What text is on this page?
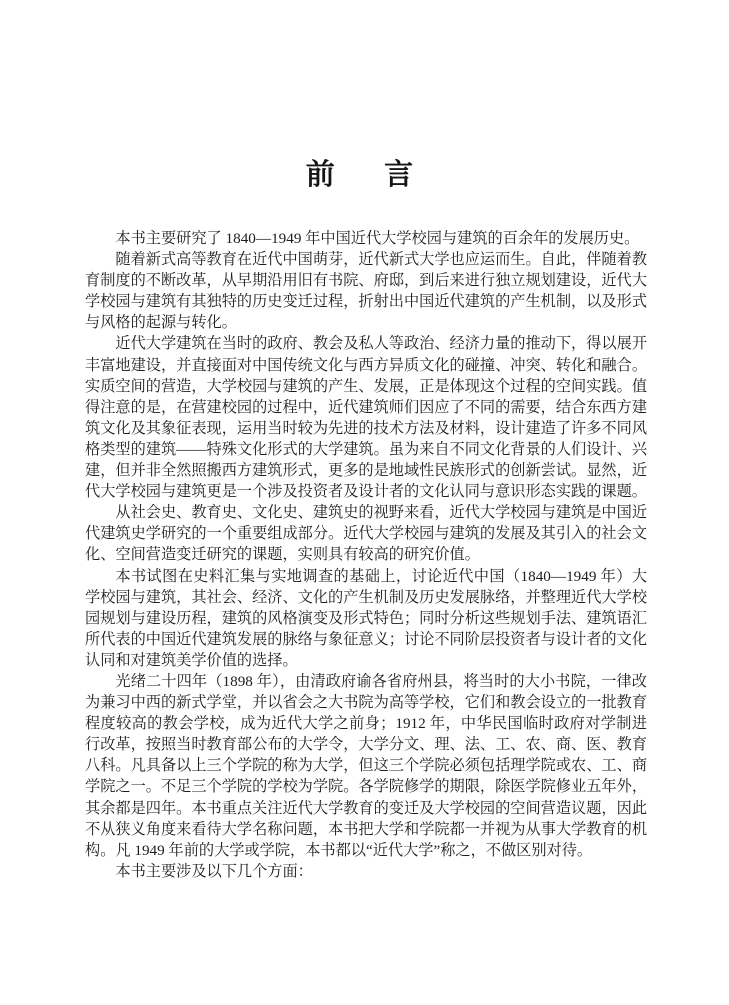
前　言

本书主要研究了 1840—1949 年中国近代大学校园与建筑的百余年的发展历史。

随着新式高等教育在近代中国萌芽，近代新式大学也应运而生。自此，伴随着教育制度的不断改革，从早期沿用旧有书院、府邸，到后来进行独立规划建设，近代大学校园与建筑有其独特的历史变迁过程，折射出中国近代建筑的产生机制，以及形式与风格的起源与转化。

近代大学建筑在当时的政府、教会及私人等政治、经济力量的推动下，得以展开丰富地建设，并直接面对中国传统文化与西方异质文化的碰撞、冲突、转化和融合。实质空间的营造，大学校园与建筑的产生、发展，正是体现这个过程的空间实践。值得注意的是，在营建校园的过程中，近代建筑师们因应了不同的需要，结合东西方建筑文化及其象征表现，运用当时较为先进的技术方法及材料，设计建造了许多不同风格类型的建筑——特殊文化形式的大学建筑。虽为来自不同文化背景的人们设计、兴建，但并非全然照搬西方建筑形式，更多的是地域性民族形式的创新尝试。显然，近代大学校园与建筑更是一个涉及投资者及设计者的文化认同与意识形态实践的课题。

从社会史、教育史、文化史、建筑史的视野来看，近代大学校园与建筑是中国近代建筑史学研究的一个重要组成部分。近代大学校园与建筑的发展及其引入的社会文化、空间营造变迁研究的课题，实则具有较高的研究价值。

本书试图在史料汇集与实地调查的基础上，讨论近代中国（1840—1949 年）大学校园与建筑，其社会、经济、文化的产生机制及历史发展脉络，并整理近代大学校园规划与建设历程，建筑的风格演变及形式特色；同时分析这些规划手法、建筑语汇所代表的中国近代建筑发展的脉络与象征意义；讨论不同阶层投资者与设计者的文化认同和对建筑美学价值的选择。

光绪二十四年（1898 年），由清政府谕各省府州县，将当时的大小书院，一律改为兼习中西的新式学堂，并以省会之大书院为高等学校，它们和教会设立的一批教育程度较高的教会学校，成为近代大学之前身；1912 年，中华民国临时政府对学制进行改革，按照当时教育部公布的大学令，大学分文、理、法、工、农、商、医、教育八科。凡具备以上三个学院的称为大学，但这三个学院必须包括理学院或农、工、商学院之一。不足三个学院的学校为学院。各学院修学的期限，除医学院修业五年外，其余都是四年。本书重点关注近代大学教育的变迁及大学校园的空间营造议题，因此不从狭义角度来看待大学名称问题，本书把大学和学院都一并视为从事大学教育的机构。凡 1949 年前的大学或学院，本书都以“近代大学”称之，不做区别对待。

本书主要涉及以下几个方面：
